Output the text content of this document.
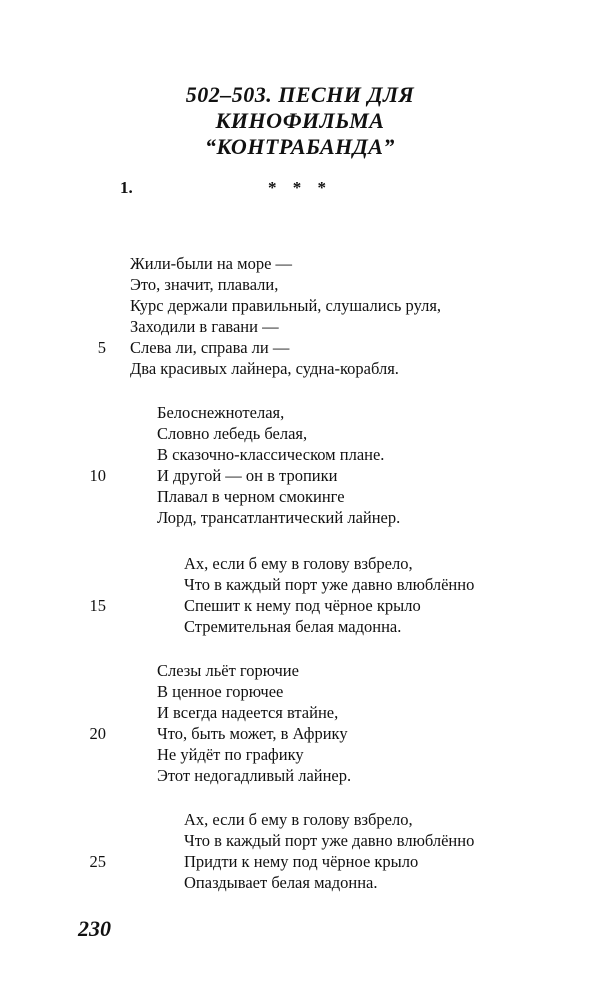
502–503. ПЕСНИ ДЛЯ
КИНОФИЛЬМА
“КОНТРАБАНДА”
1.	* * *
Жили-были на море —
Это, значит, плавали,
Курс держали правильный, слушались руля,
Заходили в гавани —
Слева ли, справа ли —
Два красивых лайнера, судна-корабля.
Белоснежнотелая,
Словно лебедь белая,
В сказочно-классическом плане.
И другой — он в тропики
Плавал в черном смокинге
Лорд, трансатлантический лайнер.
Ах, если б ему в голову взбрело,
Что в каждый порт уже давно влюблённо
Спешит к нему под чёрное крыло
Стремительная белая мадонна.
Слезы льёт горючие
В ценное горючее
И всегда надеется втайне,
Что, быть может, в Африку
Не уйдёт по графику
Этот недогадливый лайнер.
Ах, если б ему в голову взбрело,
Что в каждый порт уже давно влюблённо
Придти к нему под чёрное крыло
Опаздывает белая мадонна.
5
10
15
20
25
230
